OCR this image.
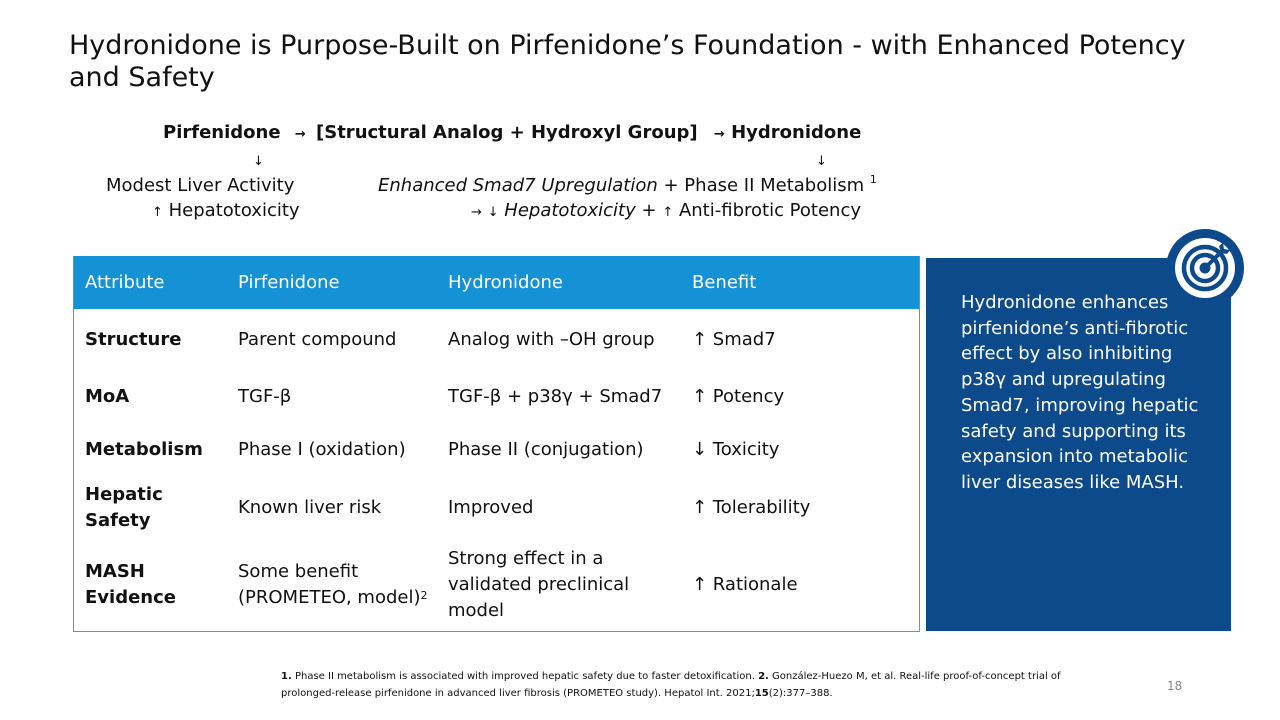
Hydronidone is Purpose-Built on Pirfenidone’s Foundation - with Enhanced Potency and Safety
Pirfenidone → [Structural Analog + Hydroxyl Group] → Hydronidone
↓	↓
Modest Liver Activity
↑ Hepatotoxicity
Enhanced Smad7 Upregulation + Phase II Metabolism $^1$
→ ↓ Hepatotoxicity + ↑ Anti-fibrotic Potency
Attribute	Pirfenidone	Hydronidone	Benefit
Structure	Parent compound	Analog with –OH group	↑ Smad7
MoA	TGF-β	TGF-β + p38γ + Smad7	↑ Potency
Metabolism	Phase I (oxidation)	Phase II (conjugation)	↓ Toxicity
Hepatic Safety	Known liver risk	Improved	↑ Tolerability
MASH Evidence	Some benefit (PROMETEO, model)$^2$	Strong effect in a validated preclinical model	↑ Rationale
Hydronidone enhances pirfenidone’s anti-fibrotic effect by also inhibiting p38γ and upregulating Smad7, improving hepatic safety and supporting its expansion into metabolic liver diseases like MASH.
1. Phase II metabolism is associated with improved hepatic safety due to faster detoxification. 2. González-Huezo M, et al. Real-life proof-of-concept trial of prolonged-release pirfenidone in advanced liver fibrosis (PROMETEO study). Hepatol Int. 2021;15(2):377–388.
18
